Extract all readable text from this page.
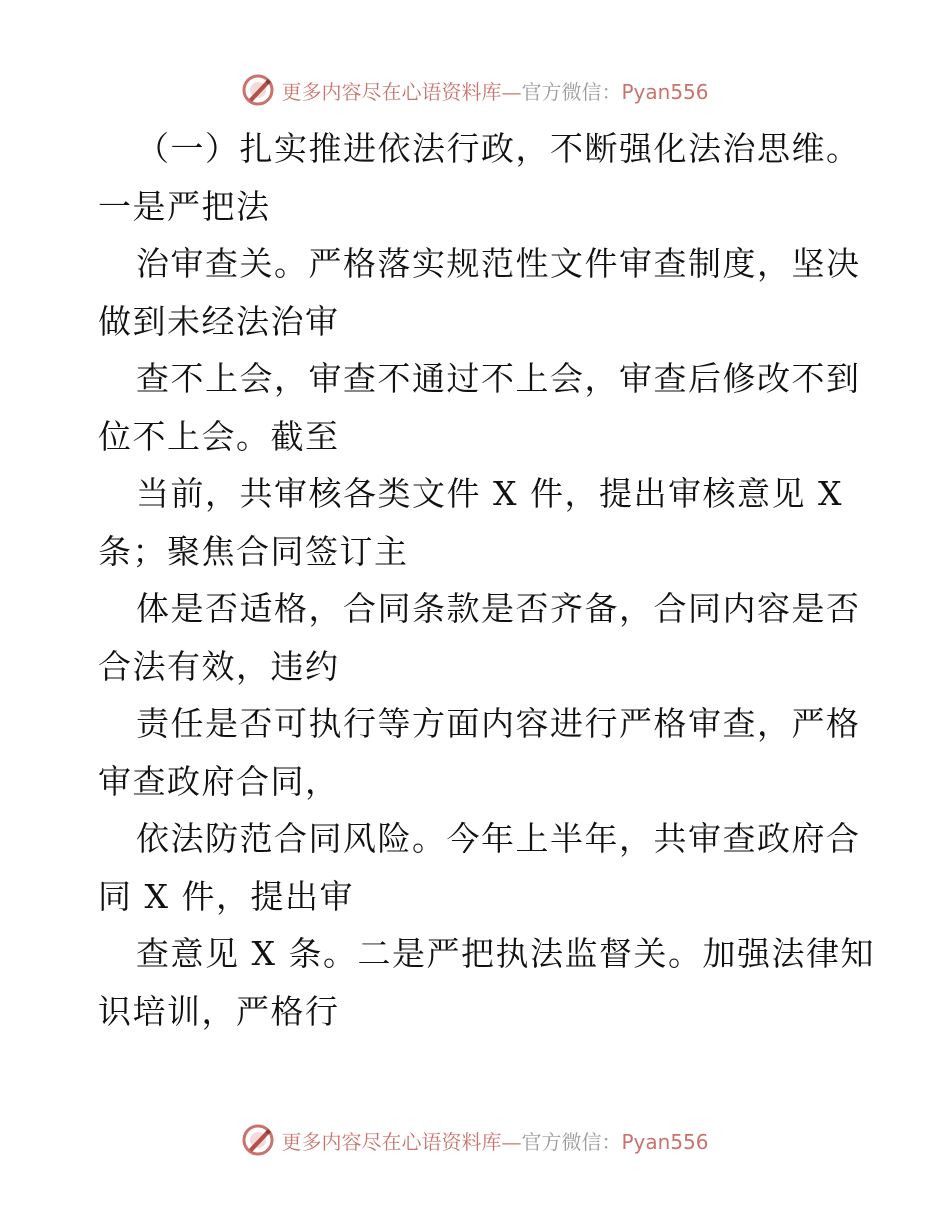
更多内容尽在心语资料库—官方微信：Pyan556
（一）扎实推进依法行政，不断强化法治思维。
一是严把法
治审查关。严格落实规范性文件审查制度，坚决
做到未经法治审
查不上会，审查不通过不上会，审查后修改不到
位不上会。截至
当前，共审核各类文件 X 件，提出审核意见 X
条；聚焦合同签订主
体是否适格，合同条款是否齐备，合同内容是否
合法有效，违约
责任是否可执行等方面内容进行严格审查，严格
审查政府合同，
依法防范合同风险。今年上半年，共审查政府合
同 X 件，提出审
查意见 X 条。二是严把执法监督关。加强法律知
识培训，严格行
更多内容尽在心语资料库—官方微信：Pyan556
